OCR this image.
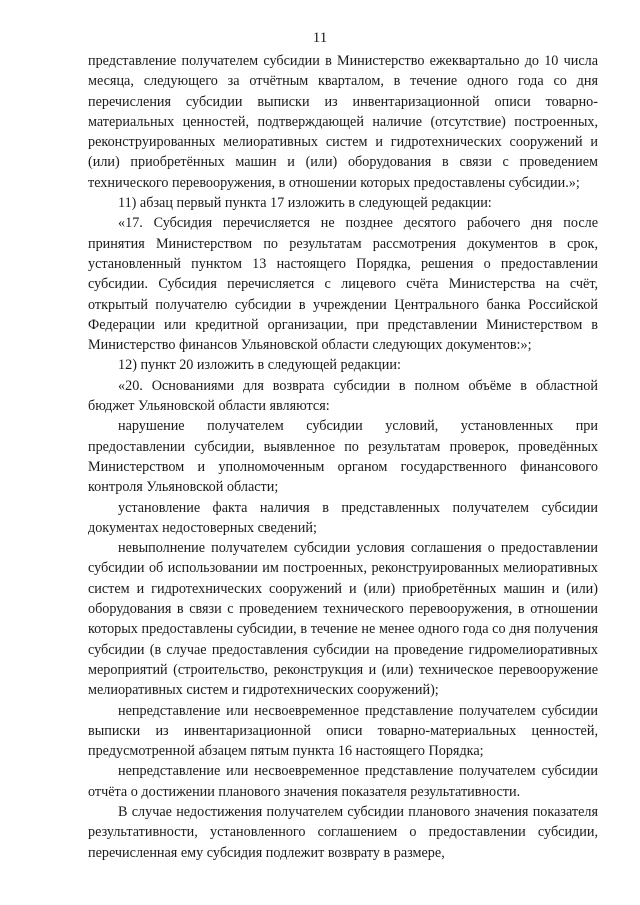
11

представление получателем субсидии в Министерство ежеквартально до 10 числа месяца, следующего за отчётным кварталом, в течение одного года со дня перечисления субсидии выписки из инвентаризационной описи товарно-материальных ценностей, подтверждающей наличие (отсутствие) построенных, реконструированных мелиоративных систем и гидротехнических сооружений и (или) приобретённых машин и (или) оборудования в связи с проведением технического перевооружения, в отношении которых предоставлены субсидии.»;

11) абзац первый пункта 17 изложить в следующей редакции:

«17. Субсидия перечисляется не позднее десятого рабочего дня после принятия Министерством по результатам рассмотрения документов в срок, установленный пунктом 13 настоящего Порядка, решения о предоставлении субсидии. Субсидия перечисляется с лицевого счёта Министерства на счёт, открытый получателю субсидии в учреждении Центрального банка Российской Федерации или кредитной организации, при представлении Министерством в Министерство финансов Ульяновской области следующих документов:»;

12) пункт 20 изложить в следующей редакции:

«20. Основаниями для возврата субсидии в полном объёме в областной бюджет Ульяновской области являются:

нарушение получателем субсидии условий, установленных при предоставлении субсидии, выявленное по результатам проверок, проведённых Министерством и уполномоченным органом государственного финансового контроля Ульяновской области;

установление факта наличия в представленных получателем субсидии документах недостоверных сведений;

невыполнение получателем субсидии условия соглашения о предоставлении субсидии об использовании им построенных, реконструированных мелиоративных систем и гидротехнических сооружений и (или) приобретённых машин и (или) оборудования в связи с проведением технического перевооружения, в отношении которых предоставлены субсидии, в течение не менее одного года со дня получения субсидии (в случае предоставления субсидии на проведение гидромелиоративных мероприятий (строительство, реконструкция и (или) техническое перевооружение мелиоративных систем и гидротехнических сооружений);

непредставление или несвоевременное представление получателем субсидии выписки из инвентаризационной описи товарно-материальных ценностей, предусмотренной абзацем пятым пункта 16 настоящего Порядка;

непредставление или несвоевременное представление получателем субсидии отчёта о достижении планового значения показателя результативности.

В случае недостижения получателем субсидии планового значения показателя результативности, установленного соглашением о предоставлении субсидии, перечисленная ему субсидия подлежит возврату в размере,
